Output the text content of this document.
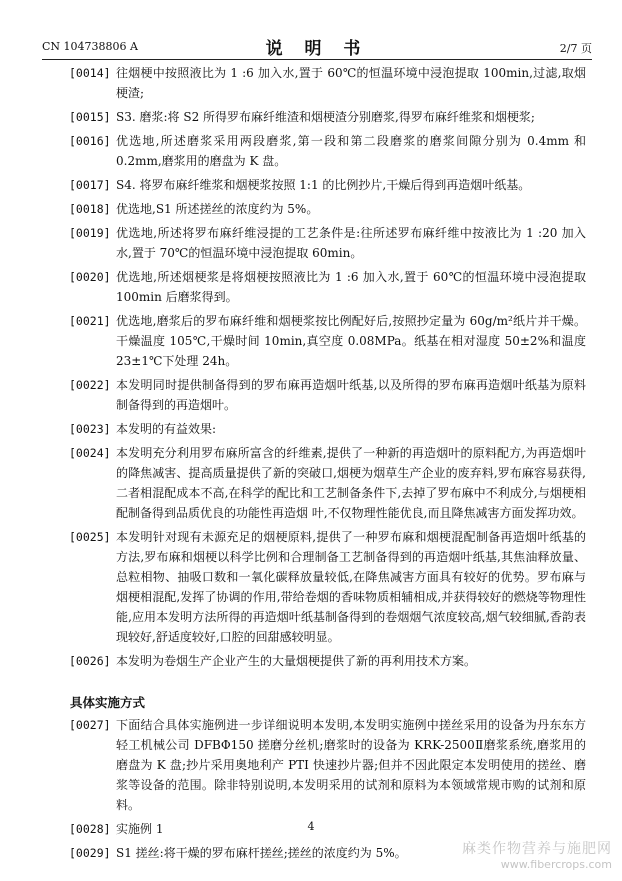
CN 104738806 A	说 明 书	2/7 页
[0014] 往烟梗中按照液比为 1 :6 加入水,置于 60℃的恒温环境中浸泡提取 100min,过滤,取烟梗渣;
[0015] S3. 磨浆:将 S2 所得罗布麻纤维渣和烟梗渣分别磨浆,得罗布麻纤维浆和烟梗浆;
[0016] 优选地,所述磨浆采用两段磨浆,第一段和第二段磨浆的磨浆间隙分别为 0.4mm 和 0.2mm,磨浆用的磨盘为 K 盘。
[0017] S4. 将罗布麻纤维浆和烟梗浆按照 1:1 的比例抄片,干燥后得到再造烟叶纸基。
[0018] 优选地,S1 所述搓丝的浓度约为 5%。
[0019] 优选地,所述将罗布麻纤维浸提的工艺条件是:往所述罗布麻纤维中按液比为 1 :20 加入水,置于 70℃的恒温环境中浸泡提取 60min。
[0020] 优选地,所述烟梗浆是将烟梗按照液比为 1 :6 加入水,置于 60℃的恒温环境中浸泡提取 100min 后磨浆得到。
[0021] 优选地,磨浆后的罗布麻纤维和烟梗浆按比例配好后,按照抄定量为 60g/m²纸片并干燥。干燥温度 105℃,干燥时间 10min,真空度 0.08MPa。纸基在相对湿度 50±2%和温度 23±1℃下处理 24h。
[0022] 本发明同时提供制备得到的罗布麻再造烟叶纸基,以及所得的罗布麻再造烟叶纸基为原料制备得到的再造烟叶。
[0023] 本发明的有益效果:
[0024] 本发明充分利用罗布麻所富含的纤维素,提供了一种新的再造烟叶的原料配方,为再造烟叶的降焦减害、提高质量提供了新的突破口,烟梗为烟草生产企业的废弃料,罗布麻容易获得,二者相混配成本不高,在科学的配比和工艺制备条件下,去掉了罗布麻中不利成分,与烟梗相配制备得到品质优良的功能性再造烟 叶,不仅物理性能优良,而且降焦减害方面发挥功效。
[0025] 本发明针对现有未源充足的烟梗原料,提供了一种罗布麻和烟梗混配制备再造烟叶纸基的方法,罗布麻和烟梗以科学比例和合理制备工艺制备得到的再造烟叶纸基,其焦油释放量、总粒相物、抽吸口数和一氧化碳释放量较低,在降焦减害方面具有较好的优势。罗布麻与烟梗相混配,发挥了协调的作用,带给卷烟的香味物质相辅相成,并获得较好的燃烧等物理性能,应用本发明方法所得的再造烟叶纸基制备得到的卷烟烟气浓度较高,烟气较细腻,香韵表现较好,舒适度较好,口腔的回甜感较明显。
[0026] 本发明为卷烟生产企业产生的大量烟梗提供了新的再利用技术方案。
具体实施方式
[0027] 下面结合具体实施例进一步详细说明本发明,本发明实施例中搓丝采用的设备为丹东东方轻工机械公司 DFBΦ150 搓磨分丝机;磨浆时的设备为 KRK-2500Ⅱ磨浆系统,磨浆用的磨盘为 K 盘;抄片采用奥地利产 PTI 快速抄片器;但并不因此限定本发明使用的搓丝、磨浆等设备的范围。除非特别说明,本发明采用的试剂和原料为本领域常规市购的试剂和原料。
[0028] 实施例 1
[0029] S1 搓丝:将干燥的罗布麻杆搓丝;搓丝的浓度约为 5%。
4
麻类作物营养与施肥网
www.fibercrops.com
